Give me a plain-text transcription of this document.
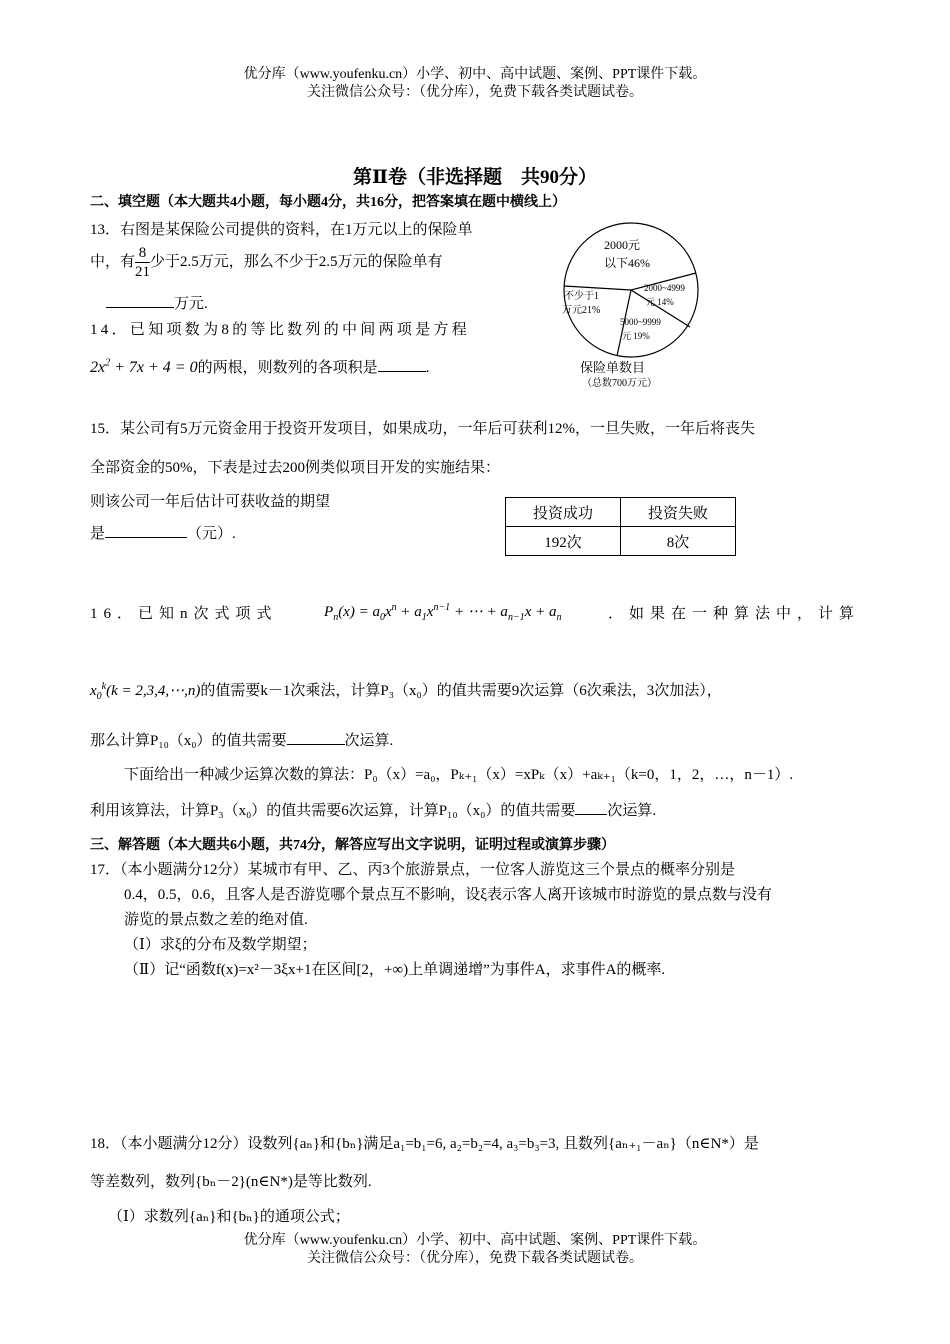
优分库（www.youfenku.cn）小学、初中、高中试题、案例、PPT课件下载。
关注微信公众号：（优分库），免费下载各类试题试卷。
第Ⅱ卷（非选择题　共90分）
二、填空题（本大题共4小题，每小题4分，共16分，把答案填在题中横线上）
13．右图是某保险公司提供的资料，在1万元以上的保险单
中，有 $\frac{8}{21}$ 少于2.5万元，那么不少于2.5万元的保险单有
万元.
14．已知项数为8的等比数列的中间两项是方程
$2x^2 + 7x + 4 = 0$的两根，则数列的各项积是	.
2000元
以下46%
2000~4999
元 14%
5000~9999
元 19%
不少于1
万元21%
保险单数目
（总数700万元）
15．某公司有5万元资金用于投资开发项目，如果成功，一年后可获利12%，一旦失败，一年后将丧失
全部资金的50%，下表是过去200例类似项目开发的实施结果：
则该公司一年后估计可获收益的期望
是	（元）.
投资成功	投资失败
192次	8次
16．已知n次式项式	$P_n(x) = a_0x^n + a_1x^{n-1}$ + ⋯ + $a_{n-1}x + a_n$	．如果在一种算法中，计算
$x_0^k(k$ = 2,3,4,⋯,n)的值需要k－1次乘法，计算P₃（x₀）的值共需要9次运算（6次乘法，3次加法），
那么计算P₁₀（x₀）的值共需要	次运算.
下面给出一种减少运算次数的算法：P₀（x）=a₀，Pₖ₊₁（x）=xPₖ（x）+aₖ₊₁（k=0，1，2，…，n－1）.
利用该算法，计算P₃（x₀）的值共需要6次运算，计算P₁₀（x₀）的值共需要 次运算.
三、解答题（本大题共6小题，共74分，解答应写出文字说明，证明过程或演算步骤）
17．（本小题满分12分）某城市有甲、乙、丙3个旅游景点，一位客人游览这三个景点的概率分别是
0.4，0.5，0.6，且客人是否游览哪个景点互不影响，设ξ表示客人离开该城市时游览的景点数与没有
游览的景点数之差的绝对值.
（Ⅰ）求ξ的分布及数学期望；
（Ⅱ）记“函数f(x)=x²－3ξx+1在区间[2，+∞)上单调递增”为事件A，求事件A的概率.
18．（本小题满分12分）设数列{aₙ}和{bₙ}满足a₁=b₁=6, a₂=b₂=4, a₃=b₃=3, 且数列{aₙ₊₁－aₙ}（n∈N*）是
等差数列，数列{bₙ－2}(n∈N*)是等比数列.
（Ⅰ）求数列{aₙ}和{bₙ}的通项公式；
优分库（www.youfenku.cn）小学、初中、高中试题、案例、PPT课件下载。
关注微信公众号：（优分库），免费下载各类试题试卷。
